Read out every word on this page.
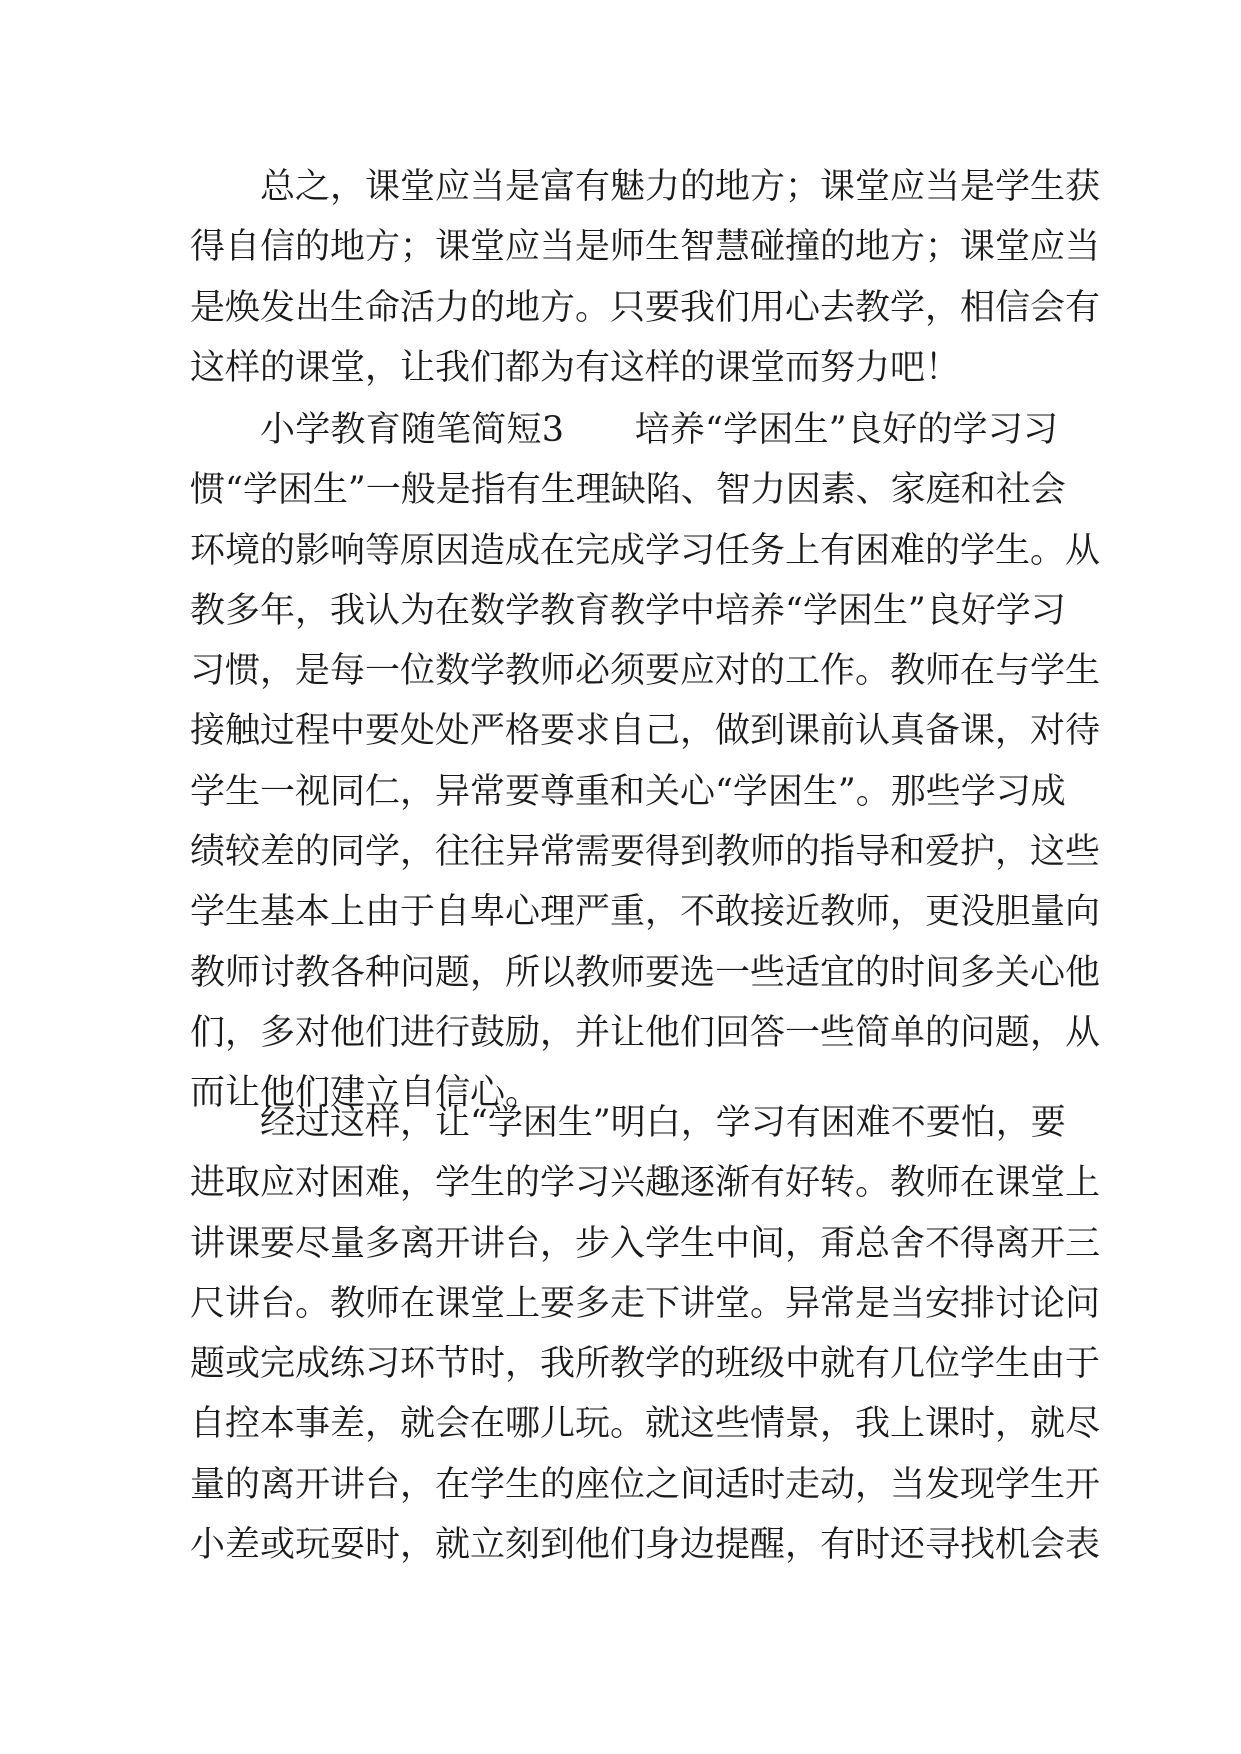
总之，课堂应当是富有魅力的地方；课堂应当是学生获
得自信的地方；课堂应当是师生智慧碰撞的地方；课堂应当
是焕发出生命活力的地方。只要我们用心去教学，相信会有
这样的课堂，让我们都为有这样的课堂而努力吧！
小学教育随笔简短3　　培养“学困生”良好的学习习
惯“学困生”一般是指有生理缺陷、智力因素、家庭和社会
环境的影响等原因造成在完成学习任务上有困难的学生。从
教多年，我认为在数学教育教学中培养“学困生”良好学习
习惯，是每一位数学教师必须要应对的工作。教师在与学生
接触过程中要处处严格要求自己，做到课前认真备课，对待
学生一视同仁，异常要尊重和关心“学困生”。那些学习成
绩较差的同学，往往异常需要得到教师的指导和爱护，这些
学生基本上由于自卑心理严重，不敢接近教师，更没胆量向
教师讨教各种问题，所以教师要选一些适宜的时间多关心他
们，多对他们进行鼓励，并让他们回答一些简单的问题，从
而让他们建立自信心。
经过这样，让“学困生”明白，学习有困难不要怕，要
进取应对困难，学生的学习兴趣逐渐有好转。教师在课堂上
讲课要尽量多离开讲台，步入学生中间，甭总舍不得离开三
尺讲台。教师在课堂上要多走下讲堂。异常是当安排讨论问
题或完成练习环节时，我所教学的班级中就有几位学生由于
自控本事差，就会在哪儿玩。就这些情景，我上课时，就尽
量的离开讲台，在学生的座位之间适时走动，当发现学生开
小差或玩耍时，就立刻到他们身边提醒，有时还寻找机会表
